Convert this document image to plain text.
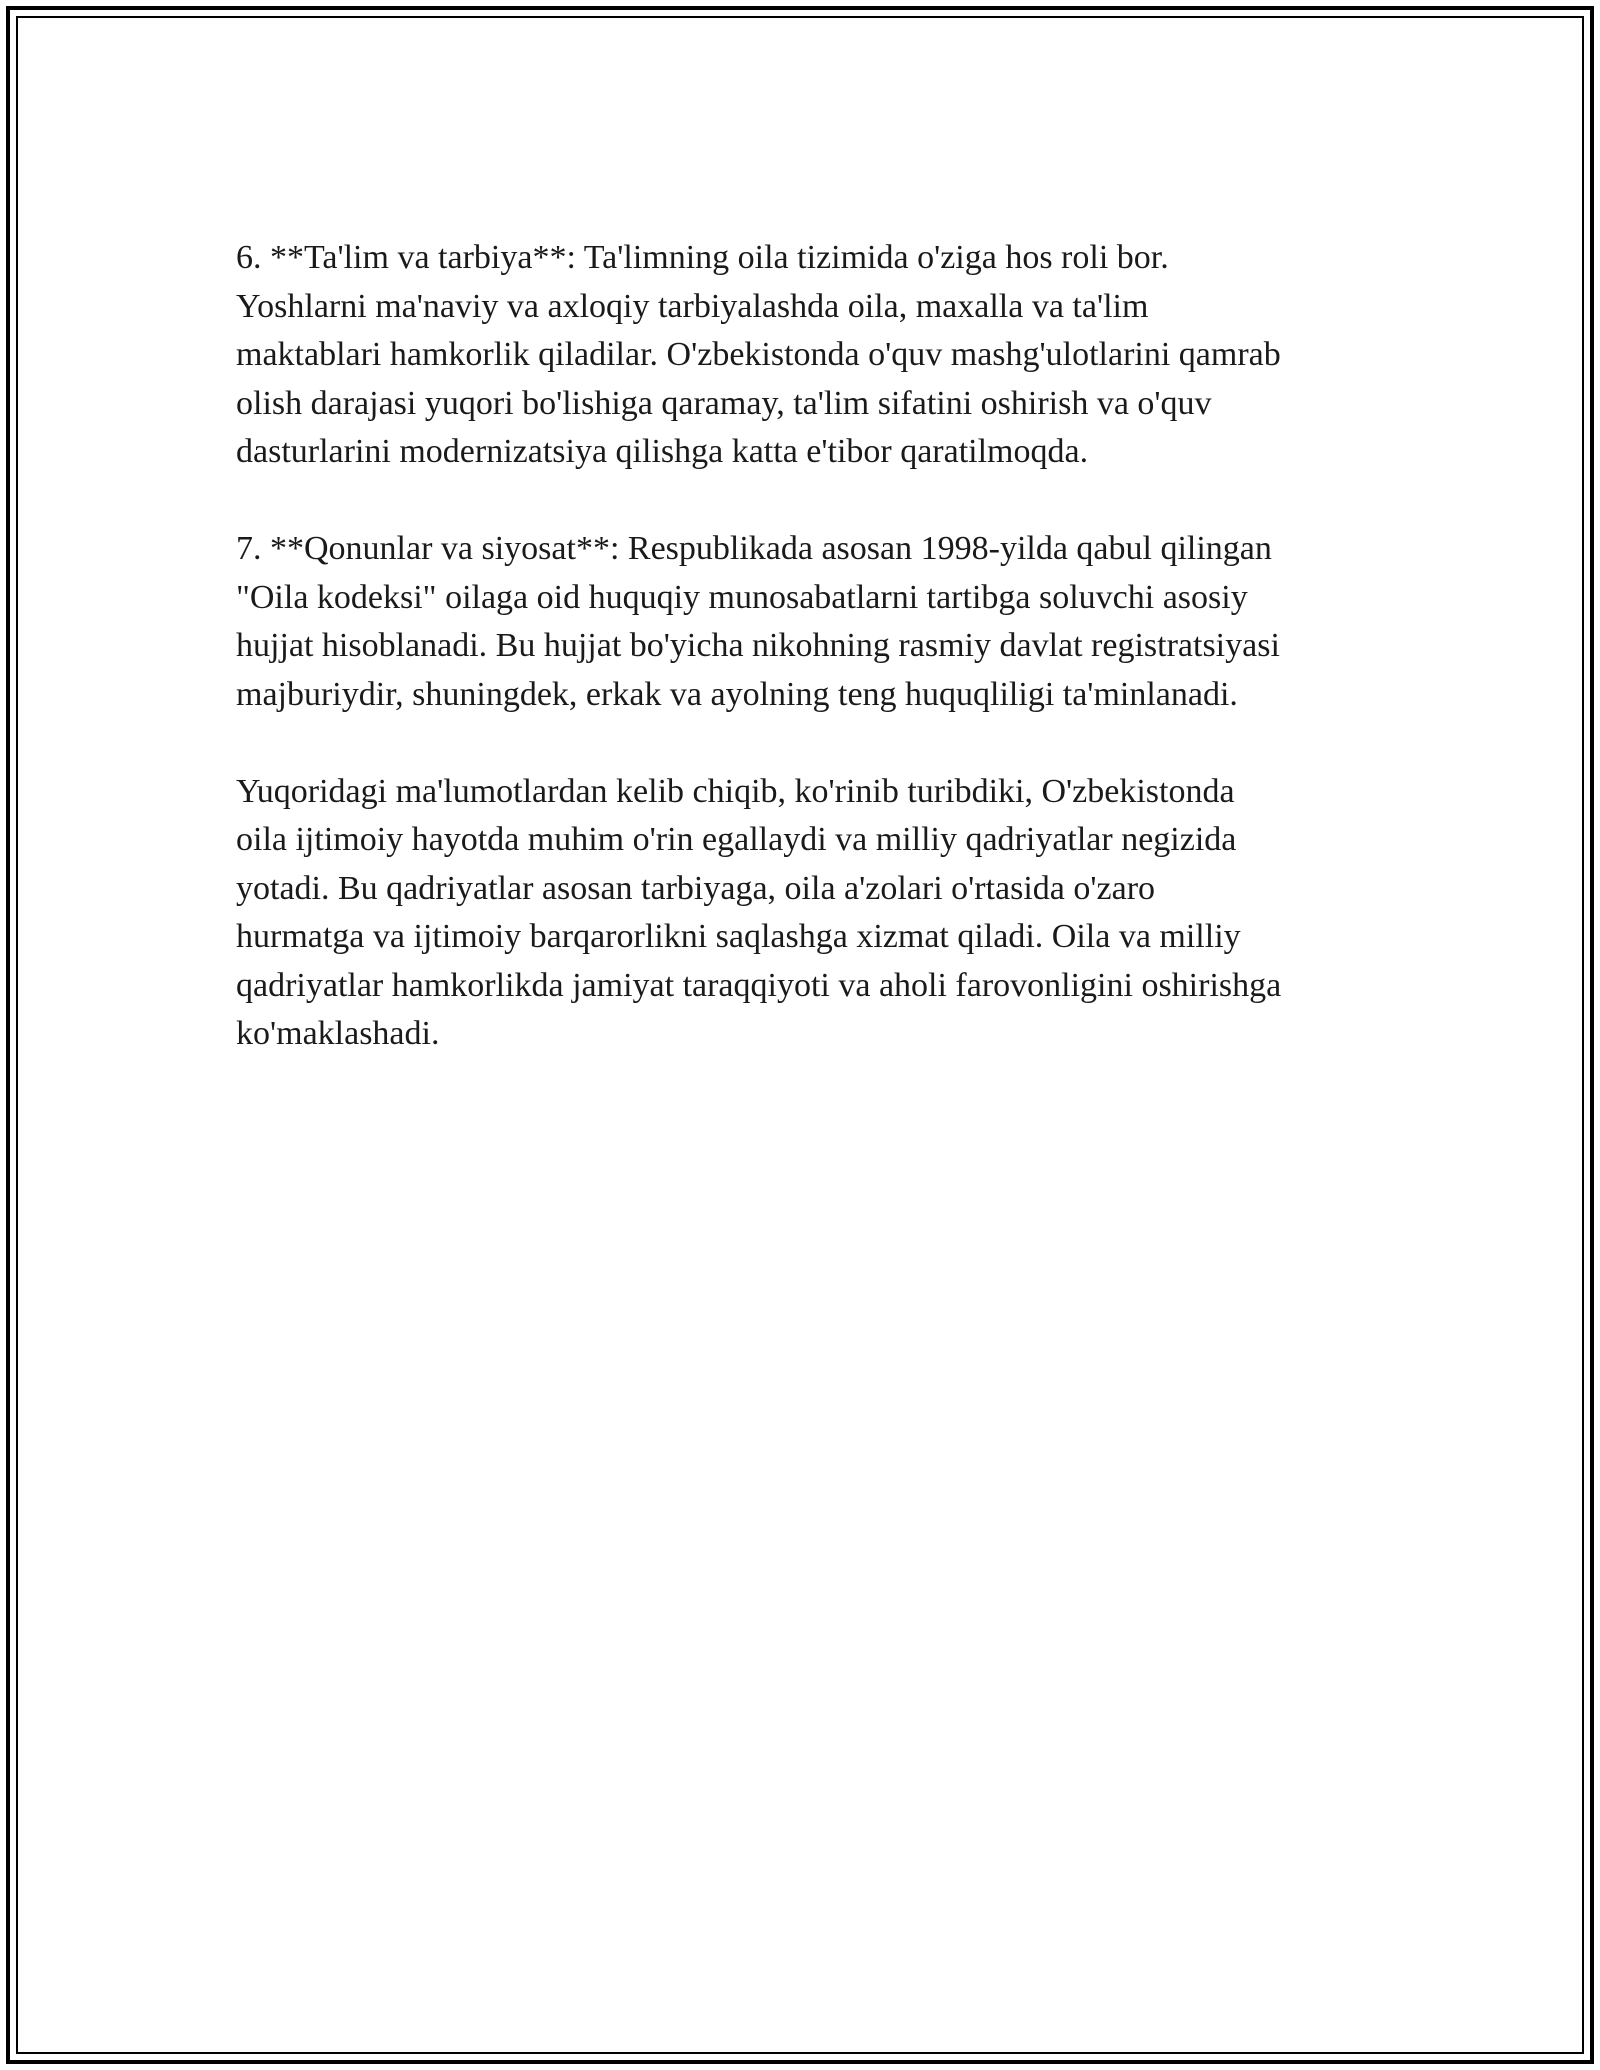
6. **Ta'lim va tarbiya**: Ta'limning oila tizimida o'ziga hos roli bor.
Yoshlarni ma'naviy va axloqiy tarbiyalashda oila, maxalla va ta'lim
maktablari hamkorlik qiladilar. O'zbekistonda o'quv mashg'ulotlarini qamrab
olish darajasi yuqori bo'lishiga qaramay, ta'lim sifatini oshirish va o'quv
dasturlarini modernizatsiya qilishga katta e'tibor qaratilmoqda.

7. **Qonunlar va siyosat**: Respublikada asosan 1998-yilda qabul qilingan
"Oila kodeksi" oilaga oid huquqiy munosabatlarni tartibga soluvchi asosiy
hujjat hisoblanadi. Bu hujjat bo'yicha nikohning rasmiy davlat registratsiyasi
majburiydir, shuningdek, erkak va ayolning teng huquqliligi ta'minlanadi.

Yuqoridagi ma'lumotlardan kelib chiqib, ko'rinib turibdiki, O'zbekistonda
oila ijtimoiy hayotda muhim o'rin egallaydi va milliy qadriyatlar negizida
yotadi. Bu qadriyatlar asosan tarbiyaga, oila a'zolari o'rtasida o'zaro
hurmatga va ijtimoiy barqarorlikni saqlashga xizmat qiladi. Oila va milliy
qadriyatlar hamkorlikda jamiyat taraqqiyoti va aholi farovonligini oshirishga
ko'maklashadi.
